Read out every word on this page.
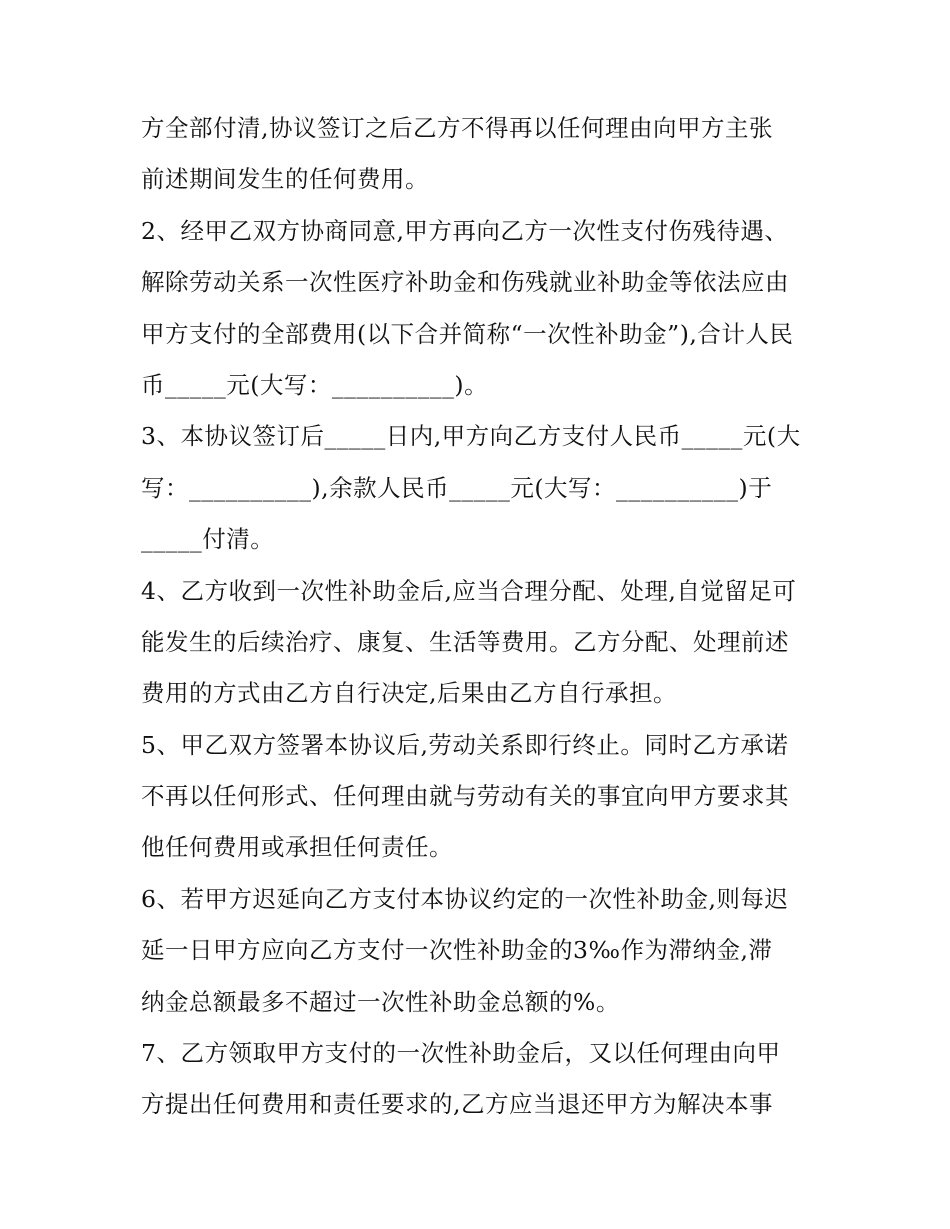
方全部付清,协议签订之后乙方不得再以任何理由向甲方主张
前述期间发生的任何费用。
2、经甲乙双方协商同意,甲方再向乙方一次性支付伤残待遇、
解除劳动关系一次性医疗补助金和伤残就业补助金等依法应由
甲方支付的全部费用(以下合并简称“一次性补助金”),合计人民
币_____元(大写：__________)。
3、本协议签订后_____日内,甲方向乙方支付人民币_____元(大
写：__________),余款人民币_____元(大写：__________)于
_____付清。
4、乙方收到一次性补助金后,应当合理分配、处理,自觉留足可
能发生的后续治疗、康复、生活等费用。乙方分配、处理前述
费用的方式由乙方自行决定,后果由乙方自行承担。
5、甲乙双方签署本协议后,劳动关系即行终止。同时乙方承诺
不再以任何形式、任何理由就与劳动有关的事宜向甲方要求其
他任何费用或承担任何责任。
6、若甲方迟延向乙方支付本协议约定的一次性补助金,则每迟
延一日甲方应向乙方支付一次性补助金的3‰作为滞纳金,滞
纳金总额最多不超过一次性补助金总额的%。
7、乙方领取甲方支付的一次性补助金后，又以任何理由向甲
方提出任何费用和责任要求的,乙方应当退还甲方为解决本事
